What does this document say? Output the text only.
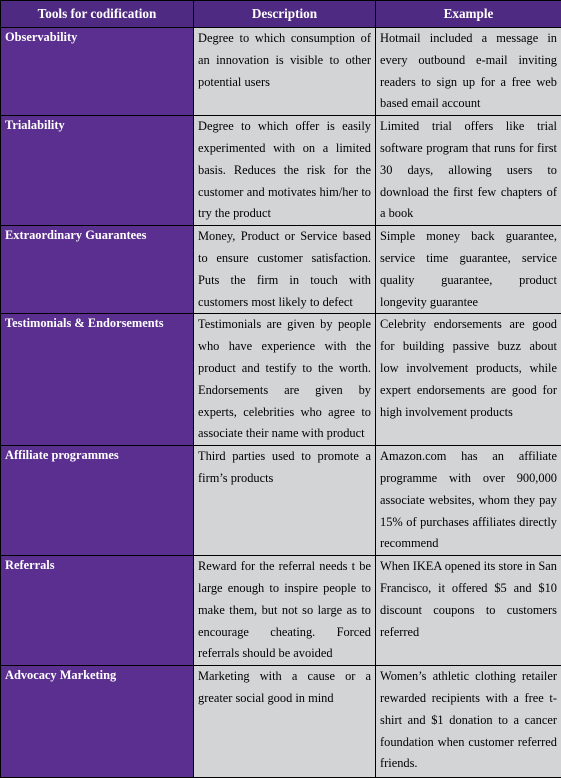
Tools for codification	Description	Example
Observability	Degree to which consumption of an innovation is visible to other potential users	Hotmail included a message in every outbound e-mail inviting readers to sign up for a free web based email account
Trialability	Degree to which offer is easily experimented with on a limited basis. Reduces the risk for the customer and motivates him/her to try the product	Limited trial offers like trial software program that runs for first 30 days, allowing users to download the first few chapters of a book
Extraordinary Guarantees	Money, Product or Service based to ensure customer satisfaction. Puts the firm in touch with customers most likely to defect	Simple money back guarantee, service time guarantee, service quality guarantee, product longevity guarantee
Testimonials & Endorsements	Testimonials are given by people who have experience with the product and testify to the worth. Endorsements are given by experts, celebrities who agree to associate their name with product	Celebrity endorsements are good for building passive buzz about low involvement products, while expert endorsements are good for high involvement products
Affiliate programmes	Third parties used to promote a firm’s products	Amazon.com has an affiliate programme with over 900,000 associate websites, whom they pay 15% of purchases affiliates directly recommend
Referrals	Reward for the referral needs t be large enough to inspire people to make them, but not so large as to encourage cheating. Forced referrals should be avoided	When IKEA opened its store in San Francisco, it offered $5 and $10 discount coupons to customers referred
Advocacy Marketing	Marketing with a cause or a greater social good in mind	Women’s athletic clothing retailer rewarded recipients with a free t-shirt and $1 donation to a cancer foundation when customer referred friends.
